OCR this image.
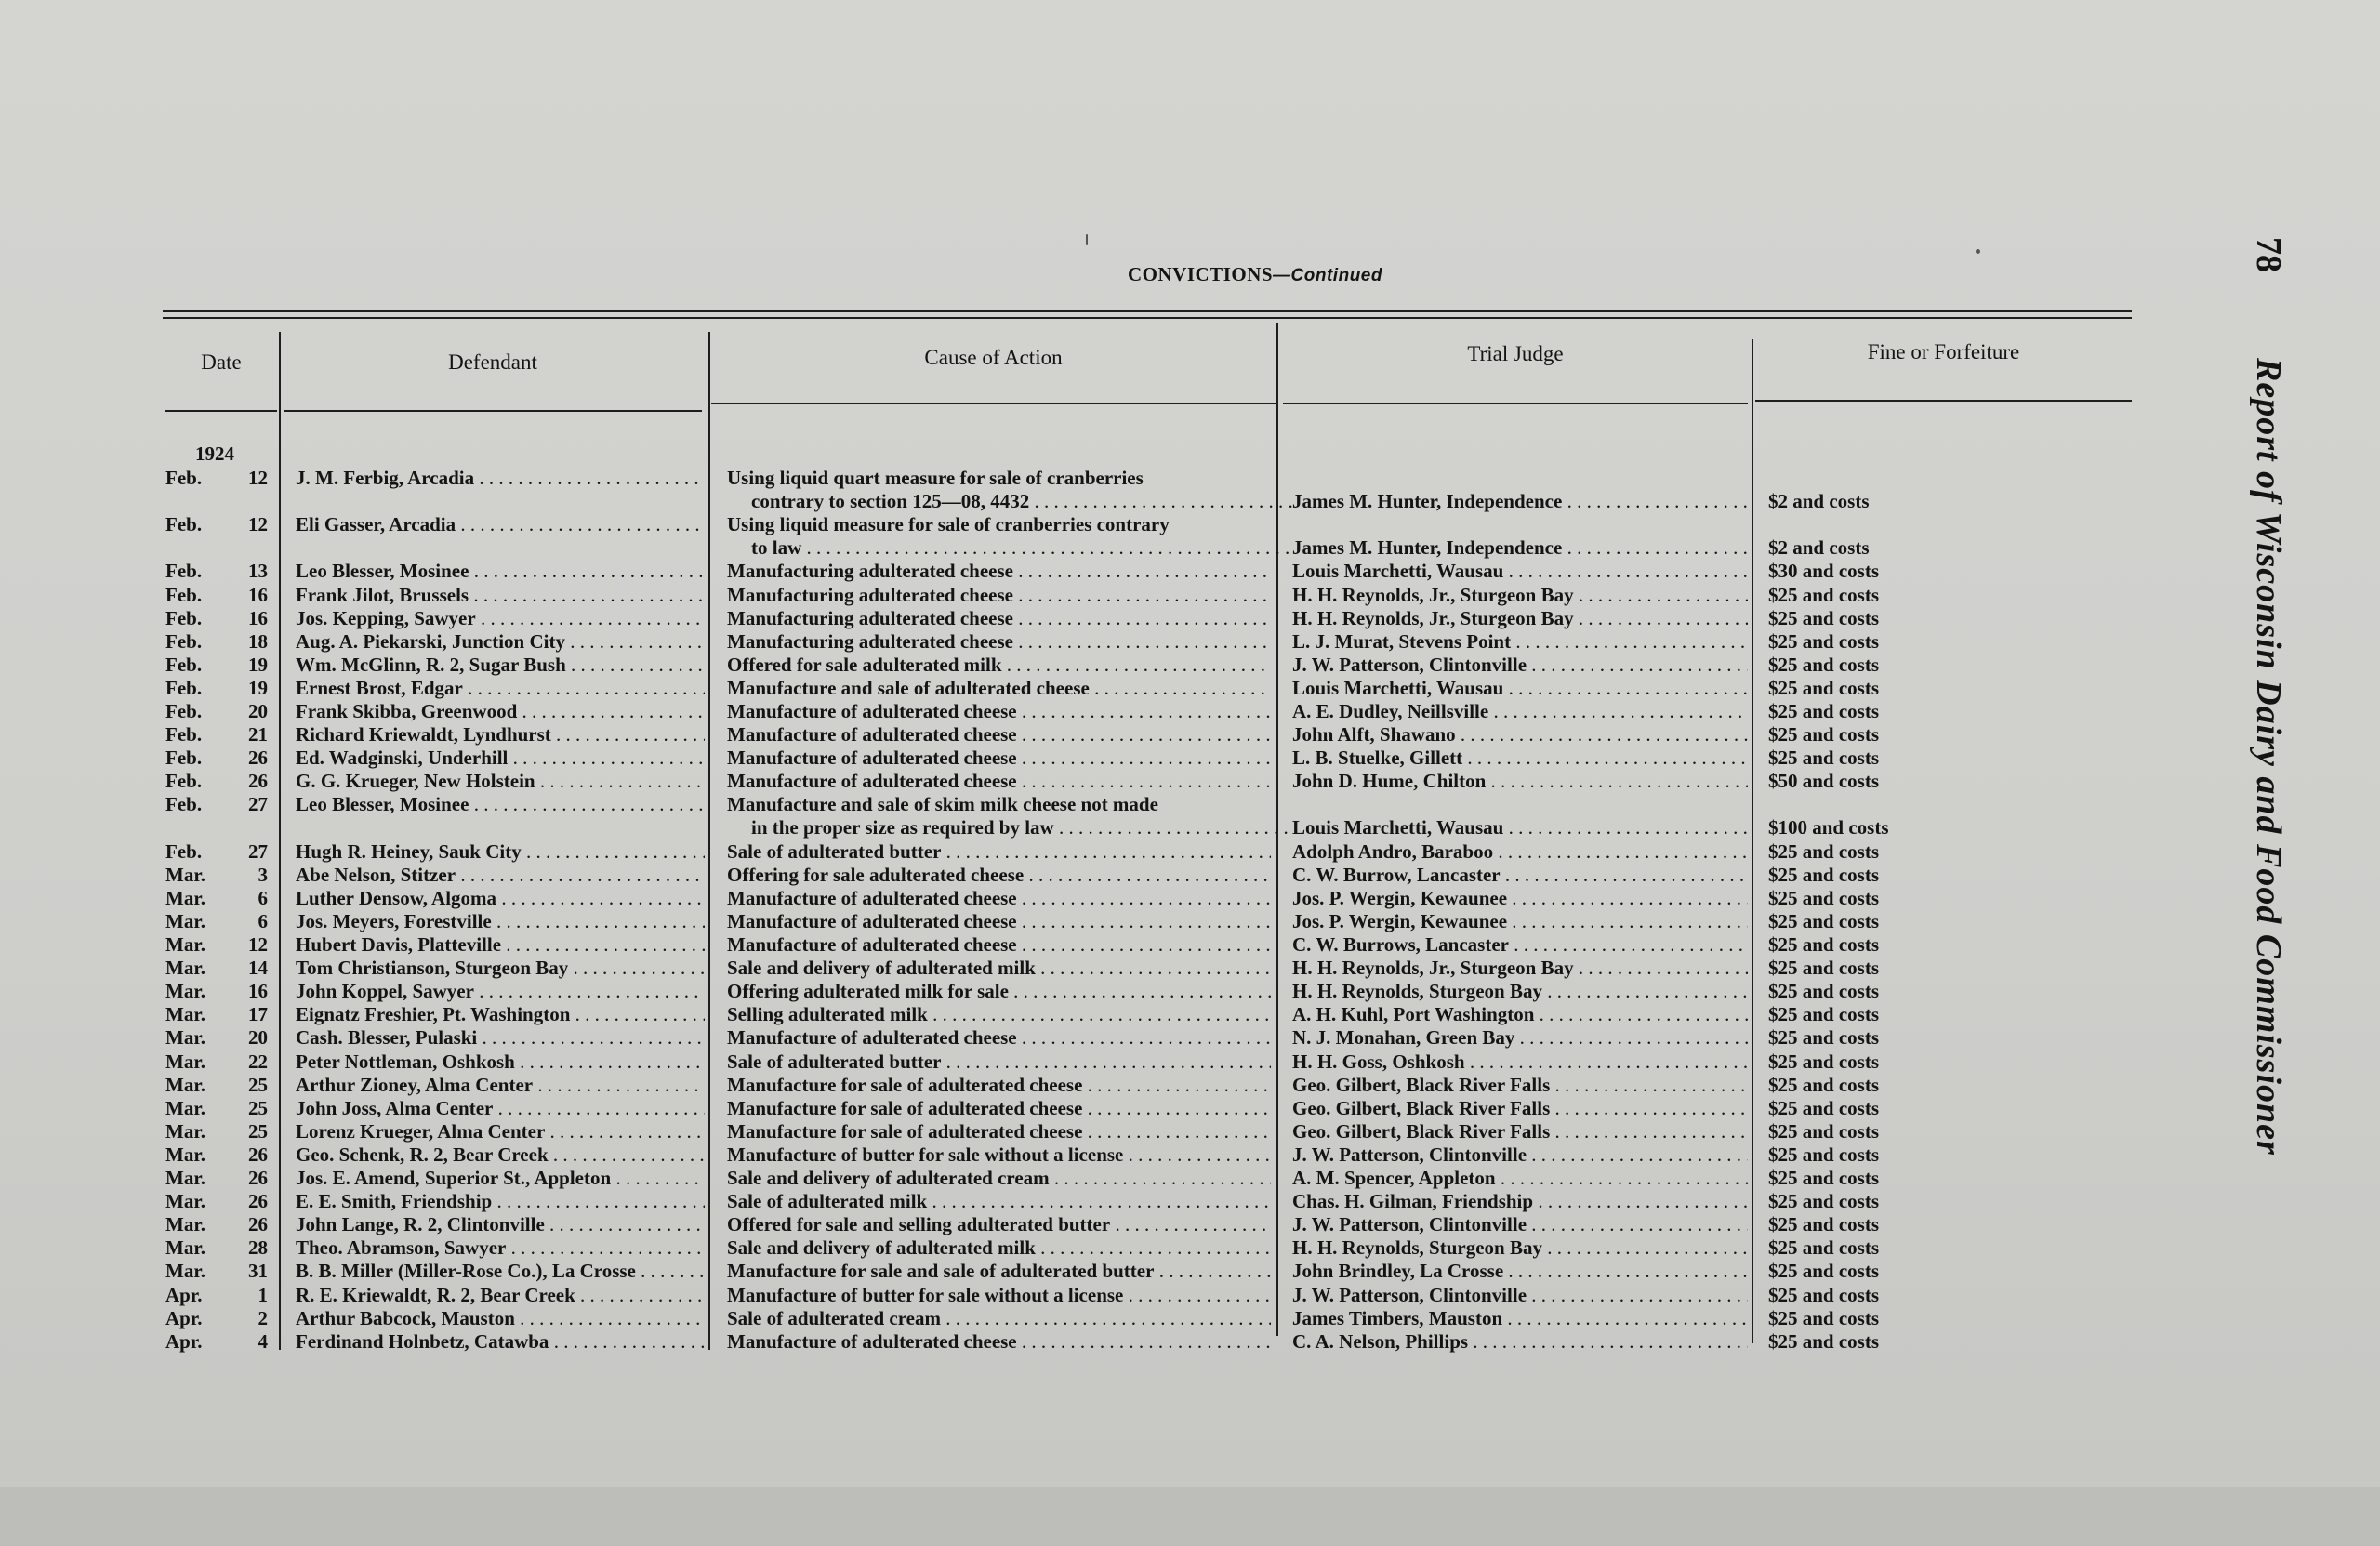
CONVICTIONS—Continued
78
Report of Wisconsin Dairy and Food Commissioner
Date	Defendant	Cause of Action	Trial Judge	Fine or Forfeiture
1924
Feb.	12 J. M. Ferbig, Arcadia . . .	Using liquid quart measure for sale of cranberries
contrary to section 125—08, 4432 . . .	James M. Hunter, Independence . . .	$2 and costs
Feb.	12 Eli Gasser, Arcadia . . .	Using liquid measure for sale of cranberries contrary
to law . . .	James M. Hunter, Independence . . .	$2 and costs
Feb.	13 Leo Blesser, Mosinee . . .	Manufacturing adulterated cheese . . .	Louis Marchetti, Wausau . . .	$30 and costs
Feb.	16 Frank Jilot, Brussels . . .	Manufacturing adulterated cheese . . .	H. H. Reynolds, Jr., Sturgeon Bay . . .	$25 and costs
Feb.	16 Jos. Kepping, Sawyer . . .	Manufacturing adulterated cheese . . .	H. H. Reynolds, Jr., Sturgeon Bay . . .	$25 and costs
Feb.	18 Aug. A. Piekarski, Junction City . . .	Manufacturing adulterated cheese . . .	L. J. Murat, Stevens Point . . .	$25 and costs
Feb.	19 Wm. McGlinn, R. 2, Sugar Bush . . .	Offered for sale adulterated milk . . .	J. W. Patterson, Clintonville . . .	$25 and costs
Feb.	19 Ernest Brost, Edgar . . .	Manufacture and sale of adulterated cheese . . .	Louis Marchetti, Wausau . . .	$25 and costs
Feb.	20 Frank Skibba, Greenwood . . .	Manufacture of adulterated cheese . . .	A. E. Dudley, Neillsville . . .	$25 and costs
Feb.	21 Richard Kriewaldt, Lyndhurst . . .	Manufacture of adulterated cheese . . .	John Alft, Shawano . . .	$25 and costs
Feb.	26 Ed. Wadginski, Underhill . . .	Manufacture of adulterated cheese . . .	L. B. Stuelke, Gillett . . .	$25 and costs
Feb.	26 G. G. Krueger, New Holstein . . .	Manufacture of adulterated cheese . . .	John D. Hume, Chilton . . .	$50 and costs
Feb.	27 Leo Blesser, Mosinee . . .	Manufacture and sale of skim milk cheese not made
in the proper size as required by law . . .	Louis Marchetti, Wausau . . .	$100 and costs
Feb.	27 Hugh R. Heiney, Sauk City . . .	Sale of adulterated butter . . .	Adolph Andro, Baraboo . . .	$25 and costs
Mar.	3 Abe Nelson, Stitzer . . .	Offering for sale adulterated cheese . . .	C. W. Burrow, Lancaster . . .	$25 and costs
Mar.	6 Luther Densow, Algoma . . .	Manufacture of adulterated cheese . . .	Jos. P. Wergin, Kewaunee . . .	$25 and costs
Mar.	6 Jos. Meyers, Forestville . . .	Manufacture of adulterated cheese . . .	Jos. P. Wergin, Kewaunee . . .	$25 and costs
Mar.	12 Hubert Davis, Platteville . . .	Manufacture of adulterated cheese . . .	C. W. Burrows, Lancaster . . .	$25 and costs
Mar.	14 Tom Christianson, Sturgeon Bay . . .	Sale and delivery of adulterated milk . . .	H. H. Reynolds, Jr., Sturgeon Bay . . .	$25 and costs
Mar.	16 John Koppel, Sawyer . . .	Offering adulterated milk for sale . . .	H. H. Reynolds, Sturgeon Bay . . .	$25 and costs
Mar.	17 Eignatz Freshier, Pt. Washington . . .	Selling adulterated milk . . .	A. H. Kuhl, Port Washington . . .	$25 and costs
Mar.	20 Cash. Blesser, Pulaski . . .	Manufacture of adulterated cheese . . .	N. J. Monahan, Green Bay . . .	$25 and costs
Mar.	22 Peter Nottleman, Oshkosh . . .	Sale of adulterated butter . . .	H. H. Goss, Oshkosh . . .	$25 and costs
Mar.	25 Arthur Zioney, Alma Center . . .	Manufacture for sale of adulterated cheese . . .	Geo. Gilbert, Black River Falls . . .	$25 and costs
Mar.	25 John Joss, Alma Center . . .	Manufacture for sale of adulterated cheese . . .	Geo. Gilbert, Black River Falls . . .	$25 and costs
Mar.	25 Lorenz Krueger, Alma Center . . .	Manufacture for sale of adulterated cheese . . .	Geo. Gilbert, Black River Falls . . .	$25 and costs
Mar.	26 Geo. Schenk, R. 2, Bear Creek . . .	Manufacture of butter for sale without a license . . .	J. W. Patterson, Clintonville . . .	$25 and costs
Mar.	26 Jos. E. Amend, Superior St., Appleton . . .	Sale and delivery of adulterated cream . . .	A. M. Spencer, Appleton . . .	$25 and costs
Mar.	26 E. E. Smith, Friendship . . .	Sale of adulterated milk . . .	Chas. H. Gilman, Friendship . . .	$25 and costs
Mar.	26 John Lange, R. 2, Clintonville . . .	Offered for sale and selling adulterated butter . . .	J. W. Patterson, Clintonville . . .	$25 and costs
Mar.	28 Theo. Abramson, Sawyer . . .	Sale and delivery of adulterated milk . . .	H. H. Reynolds, Sturgeon Bay . . .	$25 and costs
Mar.	31 B. B. Miller (Miller-Rose Co.), La Crosse . . .	Manufacture for sale and sale of adulterated butter . . .	John Brindley, La Crosse . . .	$25 and costs
Apr.	1 R. E. Kriewaldt, R. 2, Bear Creek . . .	Manufacture of butter for sale without a license . . .	J. W. Patterson, Clintonville . . .	$25 and costs
Apr.	2 Arthur Babcock, Mauston . . .	Sale of adulterated cream . . .	James Timbers, Mauston . . .	$25 and costs
Apr.	4 Ferdinand Holnbetz, Catawba . . .	Manufacture of adulterated cheese . . .	C. A. Nelson, Phillips . . .	$25 and costs
